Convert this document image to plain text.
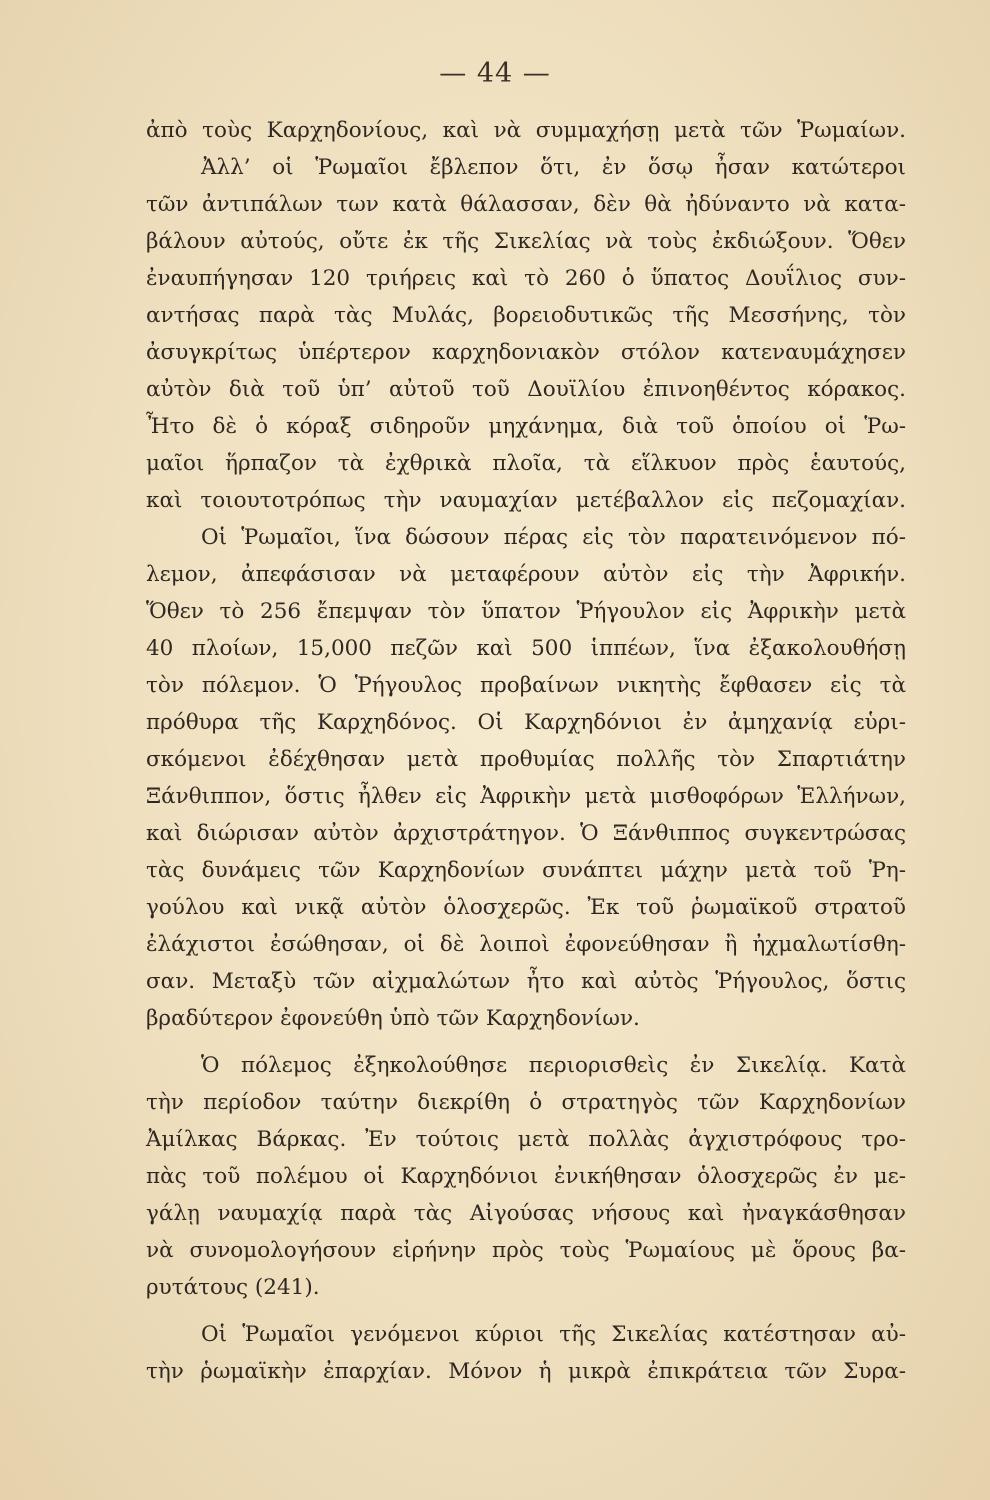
— 44 —
ἀπὸ τοὺς Καρχηδονίους, καὶ νὰ συμμαχήσῃ μετὰ τῶν Ῥωμαίων.
Ἀλλ’ οἱ Ῥωμαῖοι ἔβλεπον ὅτι, ἐν ὅσῳ ἦσαν κατώτεροι
τῶν ἀντιπάλων των κατὰ θάλασσαν, δὲν θὰ ἠδύναντο νὰ κατα-
βάλουν αὐτούς, οὔτε ἐκ τῆς Σικελίας νὰ τοὺς ἐκδιώξουν. Ὅθεν
ἐναυπήγησαν 120 τριήρεις καὶ τὸ 260 ὁ ὕπατος Δουΐλιος συν-
αντήσας παρὰ τὰς Μυλάς, βορειοδυτικῶς τῆς Μεσσήνης, τὸν
ἀσυγκρίτως ὑπέρτερον καρχηδονιακὸν στόλον κατεναυμάχησεν
αὐτὸν διὰ τοῦ ὑπ’ αὐτοῦ τοῦ Δουϊλίου ἐπινοηθέντος κόρακος.
Ἦτο δὲ ὁ κόραξ σιδηροῦν μηχάνημα, διὰ τοῦ ὁποίου οἱ Ῥω-
μαῖοι ἥρπαζον τὰ ἐχθρικὰ πλοῖα, τὰ εἵλκυον πρὸς ἑαυτούς,
καὶ τοιουτοτρόπως τὴν ναυμαχίαν μετέβαλλον εἰς πεζομαχίαν.
Οἱ Ῥωμαῖοι, ἵνα δώσουν πέρας εἰς τὸν παρατεινόμενον πό-
λεμον, ἀπεφάσισαν νὰ μεταφέρουν αὐτὸν εἰς τὴν Ἀφρικήν.
Ὅθεν τὸ 256 ἔπεμψαν τὸν ὕπατον Ῥήγουλον εἰς Ἀφρικὴν μετὰ
40 πλοίων, 15,000 πεζῶν καὶ 500 ἱππέων, ἵνα ἐξακολουθήσῃ
τὸν πόλεμον. Ὁ Ῥήγουλος προβαίνων νικητὴς ἔφθασεν εἰς τὰ
πρόθυρα τῆς Καρχηδόνος. Οἱ Καρχηδόνιοι ἐν ἀμηχανίᾳ εὑρι-
σκόμενοι ἐδέχθησαν μετὰ προθυμίας πολλῆς τὸν Σπαρτιάτην
Ξάνθιππον, ὅστις ἦλθεν εἰς Ἀφρικὴν μετὰ μισθοφόρων Ἑλλήνων,
καὶ διώρισαν αὐτὸν ἀρχιστράτηγον. Ὁ Ξάνθιππος συγκεντρώσας
τὰς δυνάμεις τῶν Καρχηδονίων συνάπτει μάχην μετὰ τοῦ Ῥη-
γούλου καὶ νικᾷ αὐτὸν ὁλοσχερῶς. Ἐκ τοῦ ῥωμαϊκοῦ στρατοῦ
ἐλάχιστοι ἐσώθησαν, οἱ δὲ λοιποὶ ἐφονεύθησαν ἢ ἠχμαλωτίσθη-
σαν. Μεταξὺ τῶν αἰχμαλώτων ἦτο καὶ αὐτὸς Ῥήγουλος, ὅστις
βραδύτερον ἐφονεύθη ὑπὸ τῶν Καρχηδονίων.
Ὁ πόλεμος ἐξηκολούθησε περιορισθεὶς ἐν Σικελίᾳ. Κατὰ
τὴν περίοδον ταύτην διεκρίθη ὁ στρατηγὸς τῶν Καρχηδονίων
Ἀμίλκας Βάρκας. Ἐν τούτοις μετὰ πολλὰς ἀγχιστρόφους τρο-
πὰς τοῦ πολέμου οἱ Καρχηδόνιοι ἐνικήθησαν ὁλοσχερῶς ἐν με-
γάλῃ ναυμαχίᾳ παρὰ τὰς Αἰγούσας νήσους καὶ ἠναγκάσθησαν
νὰ συνομολογήσουν εἰρήνην πρὸς τοὺς Ῥωμαίους μὲ ὅρους βα-
ρυτάτους (241).
Οἱ Ῥωμαῖοι γενόμενοι κύριοι τῆς Σικελίας κατέστησαν αὐ-
τὴν ῥωμαϊκὴν ἐπαρχίαν. Μόνον ἡ μικρὰ ἐπικράτεια τῶν Συρα-
